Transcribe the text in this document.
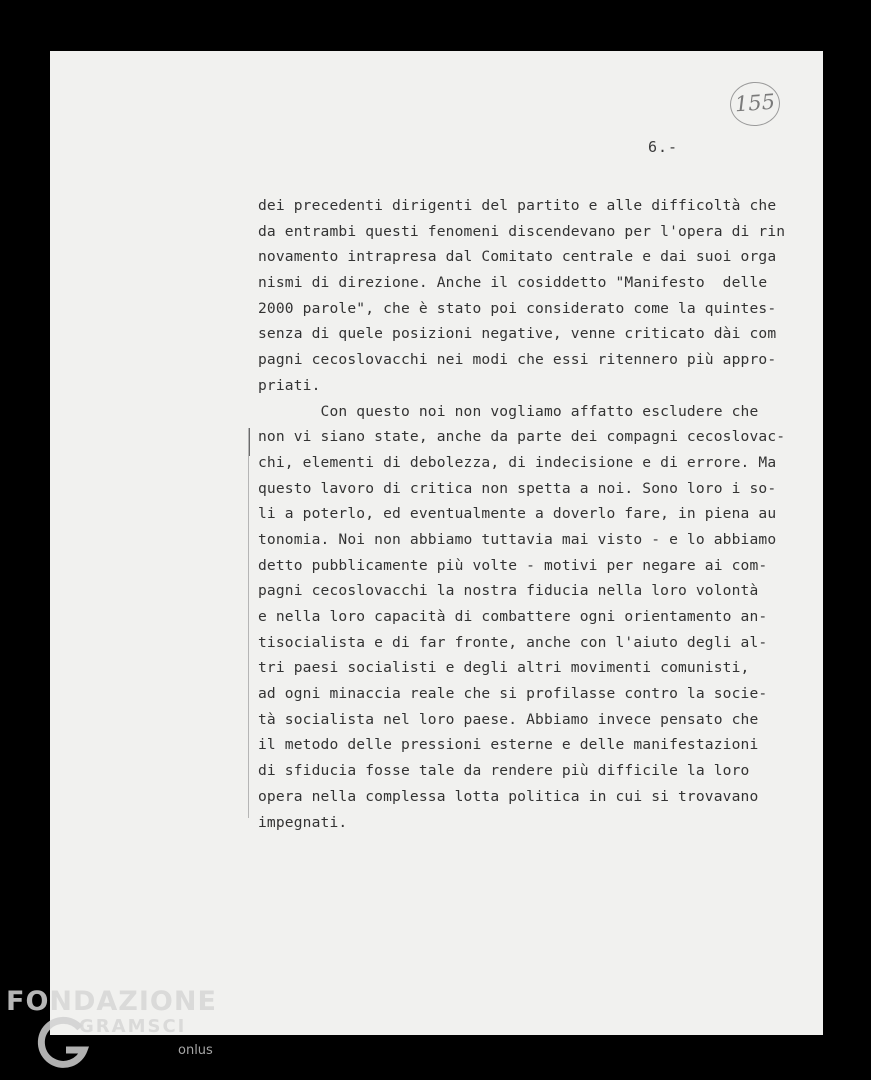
155
6.-
dei precedenti dirigenti del partito e alle difficoltà che
da entrambi questi fenomeni discendevano per l'opera di rin
novamento intrapresa dal Comitato centrale e dai suoi orga
nismi di direzione. Anche il cosiddetto "Manifesto  delle
2000 parole", che è stato poi considerato come la quintes-
senza di quele posizioni negative, venne criticato dài com
pagni cecoslovacchi nei modi che essi ritennero più appro-
priati.
Con questo noi non vogliamo affatto escludere che
non vi siano state, anche da parte dei compagni cecoslovac-
chi, elementi di debolezza, di indecisione e di errore. Ma
questo lavoro di critica non spetta a noi. Sono loro i so-
li a poterlo, ed eventualmente a doverlo fare, in piena au
tonomia. Noi non abbiamo tuttavia mai visto - e lo abbiamo
detto pubblicamente più volte - motivi per negare ai com-
pagni cecoslovacchi la nostra fiducia nella loro volontà
e nella loro capacità di combattere ogni orientamento an-
tisocialista e di far fronte, anche con l'aiuto degli al-
tri paesi socialisti e degli altri movimenti comunisti,
ad ogni minaccia reale che si profilasse contro la socie-
tà socialista nel loro paese. Abbiamo invece pensato che
il metodo delle pressioni esterne e delle manifestazioni
di sfiducia fosse tale da rendere più difficile la loro
opera nella complessa lotta politica in cui si trovavano
impegnati.
FONDAZIONE
GRAMSCI
onlus
